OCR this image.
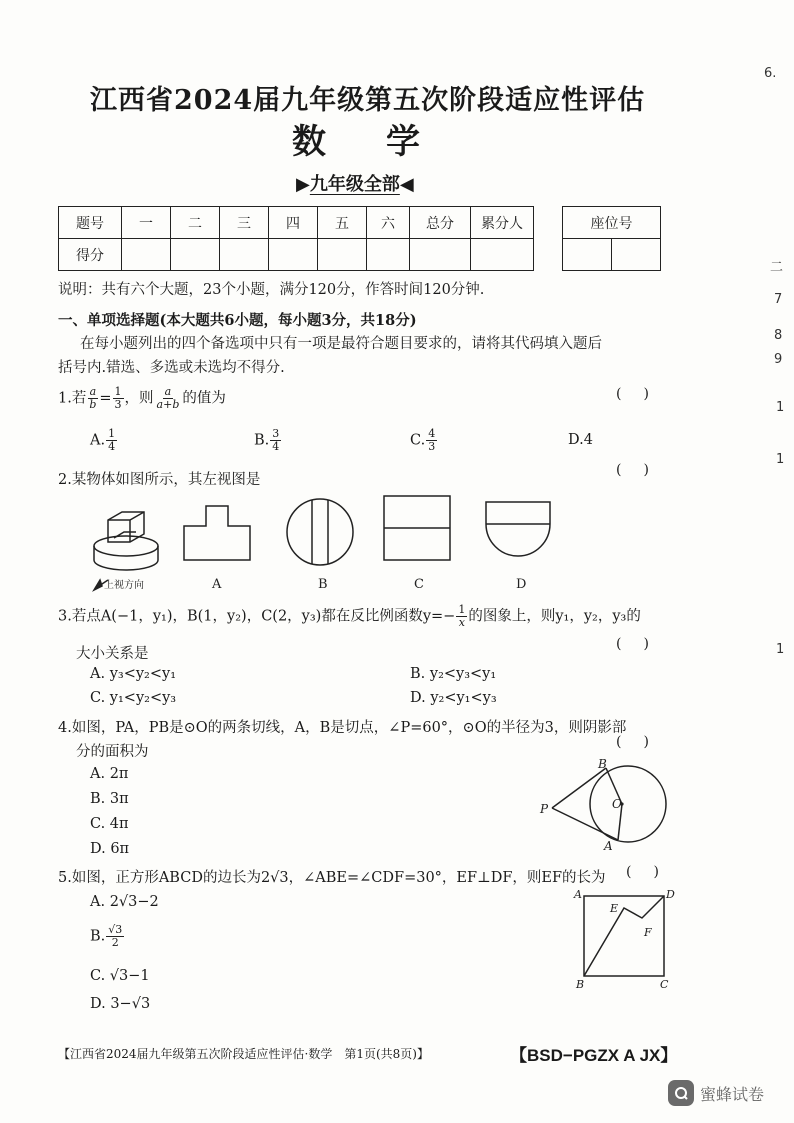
6.
二
7
8
9
1
1
1
江西省2024届九年级第五次阶段适应性评估
数学
▶九年级全部◀
题号	一	二	三	四	五	六	总分	累分人
得分								
座位号

说明：共有六个大题，23个小题，满分120分，作答时间120分钟.
一、单项选择题(本大题共6小题，每小题3分，共18分)
在每小题列出的四个备选项中只有一项是最符合题目要求的，请将其代码填入题后
括号内.错选、多选或未选均不得分.
1.若 $\frac{a}{b} = \frac{1}{3}$ ，则 $\frac{a}{a+b}$ 的值为	()
A. $\frac{1}{4}$	B. $\frac{3}{4}$	C. $\frac{4}{3}$	D.4
2.某物体如图所示，其左视图是
()
上视方向	A	B	C	D
3.若点A(−1，y₁)，B(1，y₂)，C(2，y₃)都在反比例函数$y=- \frac{1}{x}$ 的图象上，则y₁，y₂，y₃的
大小关系是
()
A. y₃<y₂<y₁	B. y₂<y₃<y₁
C. y₁<y₂<y₃	D. y₂<y₁<y₃
4.如图，PA，PB是⊙O的两条切线，A，B是切点，∠P=60°，⊙O的半径为3，则阴影部
分的面积为
()
A. 2π
B. 3π
C. 4π
D. 6π
P	O
B
A
5.如图，正方形ABCD的边长为2√3，∠ABE=∠CDF=30°，EF⊥DF，则EF的长为 ()
A. 2√3−2
B. $\frac{√3}{2}$
C. √3−1
D. 3−√3
A	D
B	C
E
F
【江西省2024届九年级第五次阶段适应性评估·数学　第1页(共8页)】	【BSD−PGZX A JX】
蜜蜂试卷
